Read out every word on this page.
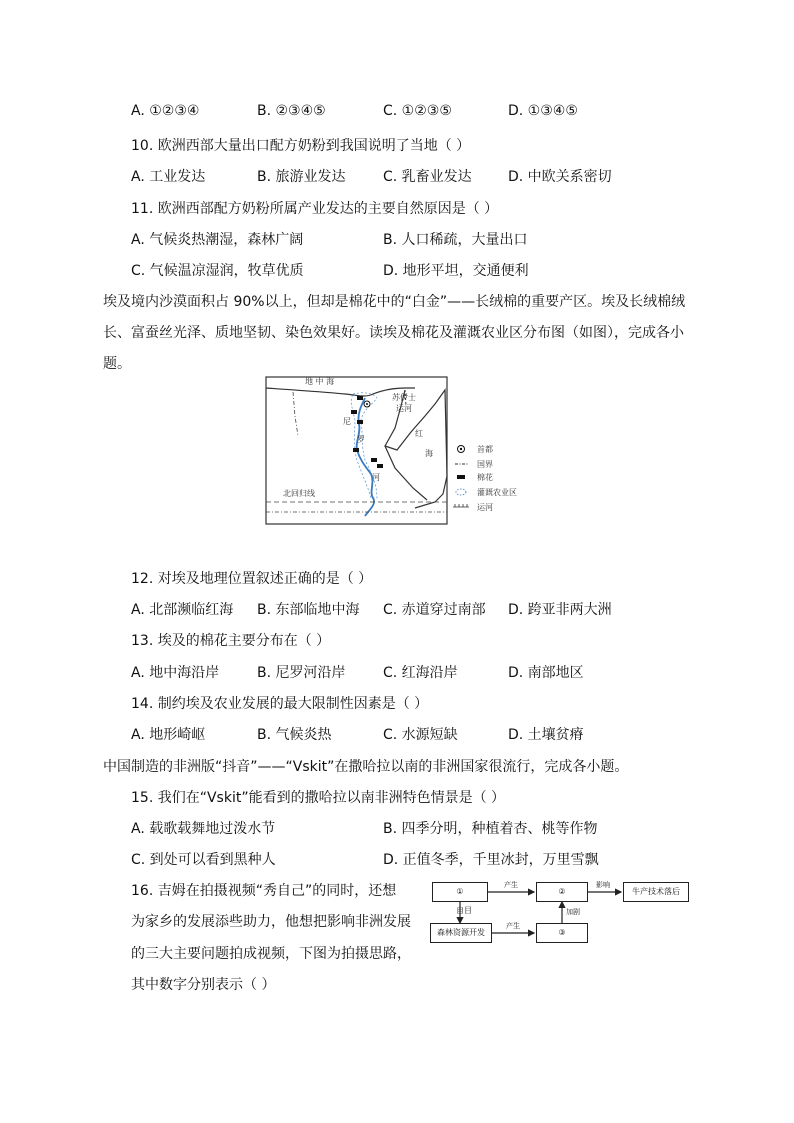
A. ①②③④	B. ②③④⑤	C. ①②③⑤	D. ①③④⑤
10. 欧洲西部大量出口配方奶粉到我国说明了当地（ ）
A. 工业发达	B. 旅游业发达	C. 乳畜业发达	D. 中欧关系密切
11. 欧洲西部配方奶粉所属产业发达的主要自然原因是（ ）
A. 气候炎热潮湿，森林广阔	B. 人口稀疏，大量出口
C. 气候温凉湿润，牧草优质	D. 地形平坦，交通便利
埃及境内沙漠面积占 90%以上，但却是棉花中的“白金”——长绒棉的重要产区。埃及长绒棉绒
长、富蚕丝光泽、质地坚韧、染色效果好。读埃及棉花及灌溉农业区分布图（如图），完成各小
题。
地 中 海
苏伊士
运河
红
海
尼
罗
河
北回归线
首都
国界
棉花
灌溉农业区
运河
12. 对埃及地理位置叙述正确的是（ ）
A. 北部濒临红海 B. 东部临地中海 C. 赤道穿过南部 D. 跨亚非两大洲
13. 埃及的棉花主要分布在（ ）
A. 地中海沿岸	B. 尼罗河沿岸	C. 红海沿岸	D. 南部地区
14. 制约埃及农业发展的最大限制性因素是（ ）
A. 地形崎岖	B. 气候炎热	C. 水源短缺	D. 土壤贫瘠
中国制造的非洲版“抖音”——“Vskit”在撒哈拉以南的非洲国家很流行，完成各小题。
15. 我们在“Vskit”能看到的撒哈拉以南非洲特色情景是（ ）
A. 载歌载舞地过泼水节	B. 四季分明，种植着杏、桃等作物
C. 到处可以看到黑种人	D. 正值冬季，千里冰封，万里雪飘
16. 吉姆在拍摄视频“秀自己”的同时，还想
为家乡的发展添些助力，他想把影响非洲发展
的三大主要问题拍成视频，下图为拍摄思路，
其中数字分别表示（ ）
①	②	牛产技术落后
自目
③
森林资源开发
产生	影响
产生
加剧
